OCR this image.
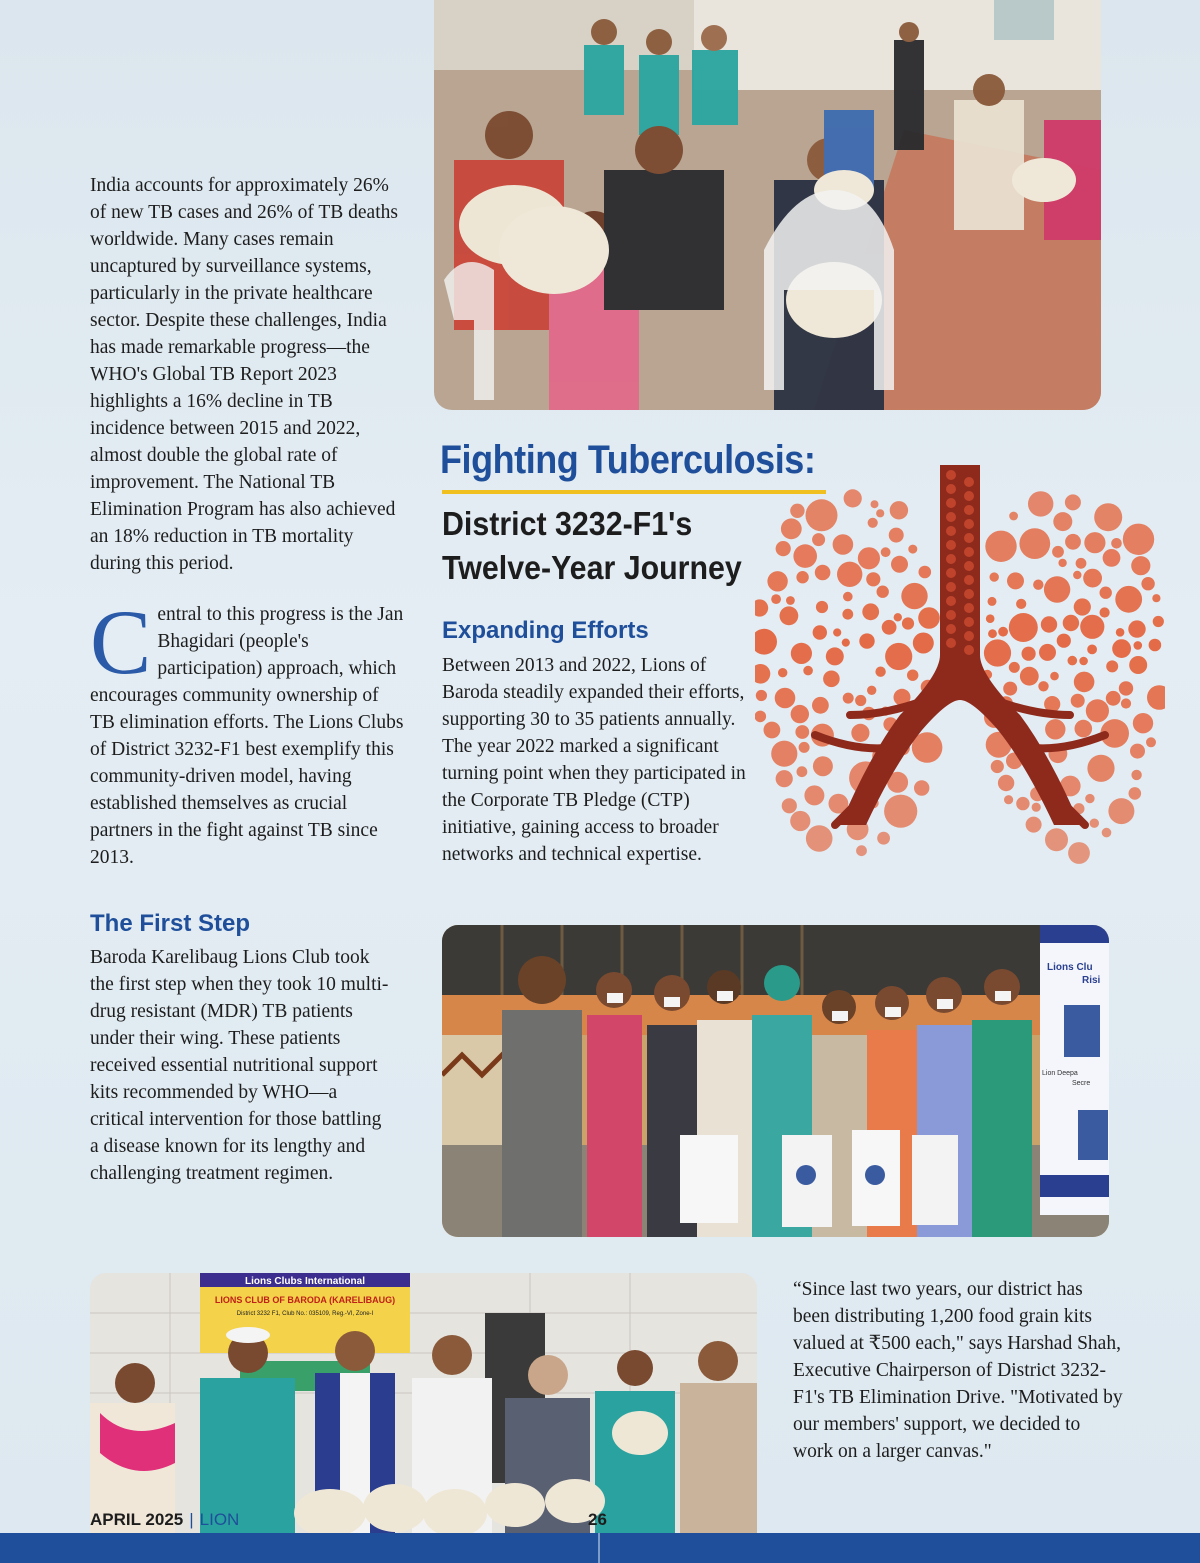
India accounts for approximately 26% of new TB cases and 26% of TB deaths worldwide. Many cases remain uncaptured by surveillance systems, particularly in the private healthcare sector. Despite these challenges, India has made remarkable progress—the WHO's Global TB Report 2023 highlights a 16% decline in TB incidence between 2015 and 2022, almost double the global rate of improvement. The National TB Elimination Program has also achieved an 18% reduction in TB mortality during this period.

Central to this progress is the Jan Bhagidari (people's participation) approach, which encourages community ownership of TB elimination efforts. The Lions Clubs of District 3232-F1 best exemplify this community-driven model, having established themselves as crucial partners in the fight against TB since 2013.

Fighting Tuberculosis:
District 3232-F1's Twelve-Year Journey
Expanding Efforts

Between 2013 and 2022, Lions of Baroda steadily expanded their efforts, supporting 30 to 35 patients annually. The year 2022 marked a significant turning point when they participated in the Corporate TB Pledge (CTP) initiative, gaining access to broader networks and technical expertise.

The First Step

Baroda Karelibaug Lions Club took the first step when they took 10 multi-drug resistant (MDR) TB patients under their wing. These patients received essential nutritional support kits recommended by WHO—a critical intervention for those battling a disease known for its lengthy and challenging treatment regimen.

Lions Clu
Risi
Lion Deepa
Secre
Lions Clubs International
LIONS CLUB OF BARODA (KARELIBAUG)
District 3232 F1, Club No.: 035109, Reg.-VI, Zone-I

“Since last two years, our district has been distributing 1,200 food grain kits valued at ₹500 each," says Harshad Shah, Executive Chairperson of District 3232-F1's TB Elimination Drive. "Motivated by our members' support, we decided to work on a larger canvas."

APRIL 2025 | LION	26
